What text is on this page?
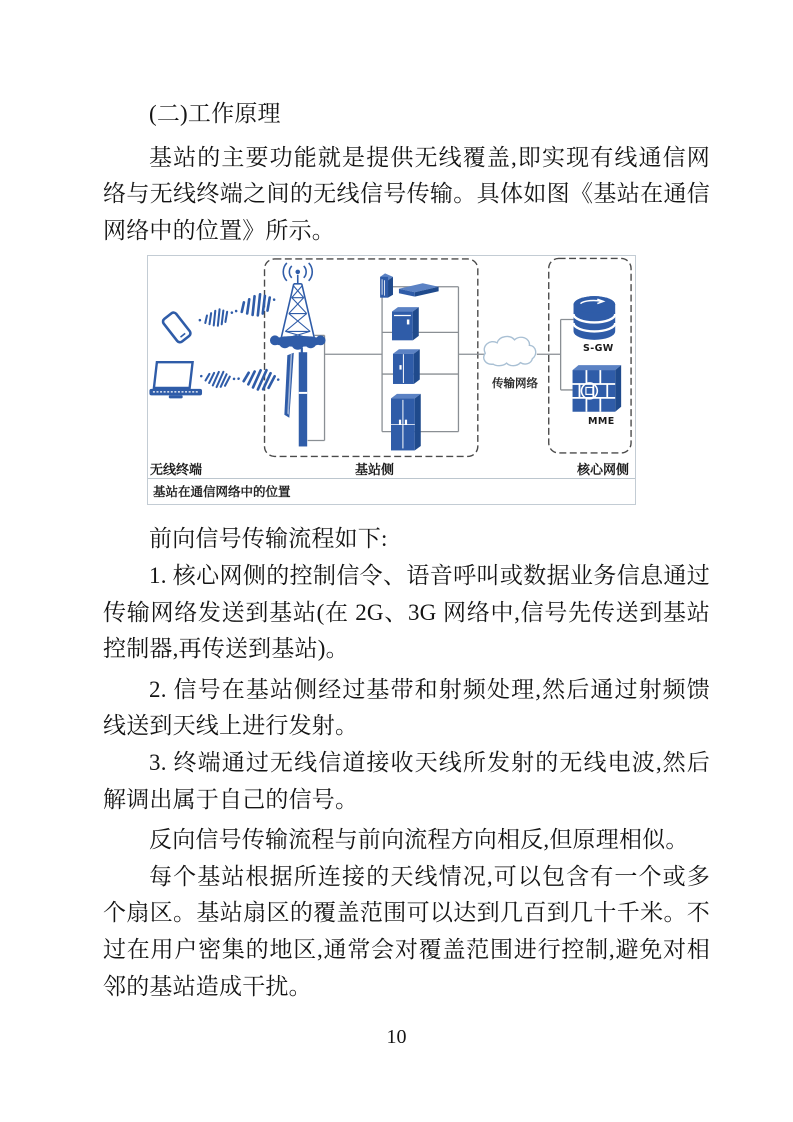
(二)工作原理

基站的主要功能就是提供无线覆盖,即实现有线通信网络与无线终端之间的无线信号传输。具体如图《基站在通信网络中的位置》所示。

无线终端	基站侧	核心网侧
传输网络
S-GW
MME
基站在通信网络中的位置

前向信号传输流程如下:

1. 核心网侧的控制信令、语音呼叫或数据业务信息通过传输网络发送到基站(在 2G、3G 网络中,信号先传送到基站控制器,再传送到基站)。

2. 信号在基站侧经过基带和射频处理,然后通过射频馈线送到天线上进行发射。

3. 终端通过无线信道接收天线所发射的无线电波,然后解调出属于自己的信号。

反向信号传输流程与前向流程方向相反,但原理相似。

每个基站根据所连接的天线情况,可以包含有一个或多个扇区。基站扇区的覆盖范围可以达到几百到几十千米。不过在用户密集的地区,通常会对覆盖范围进行控制,避免对相邻的基站造成干扰。

10
